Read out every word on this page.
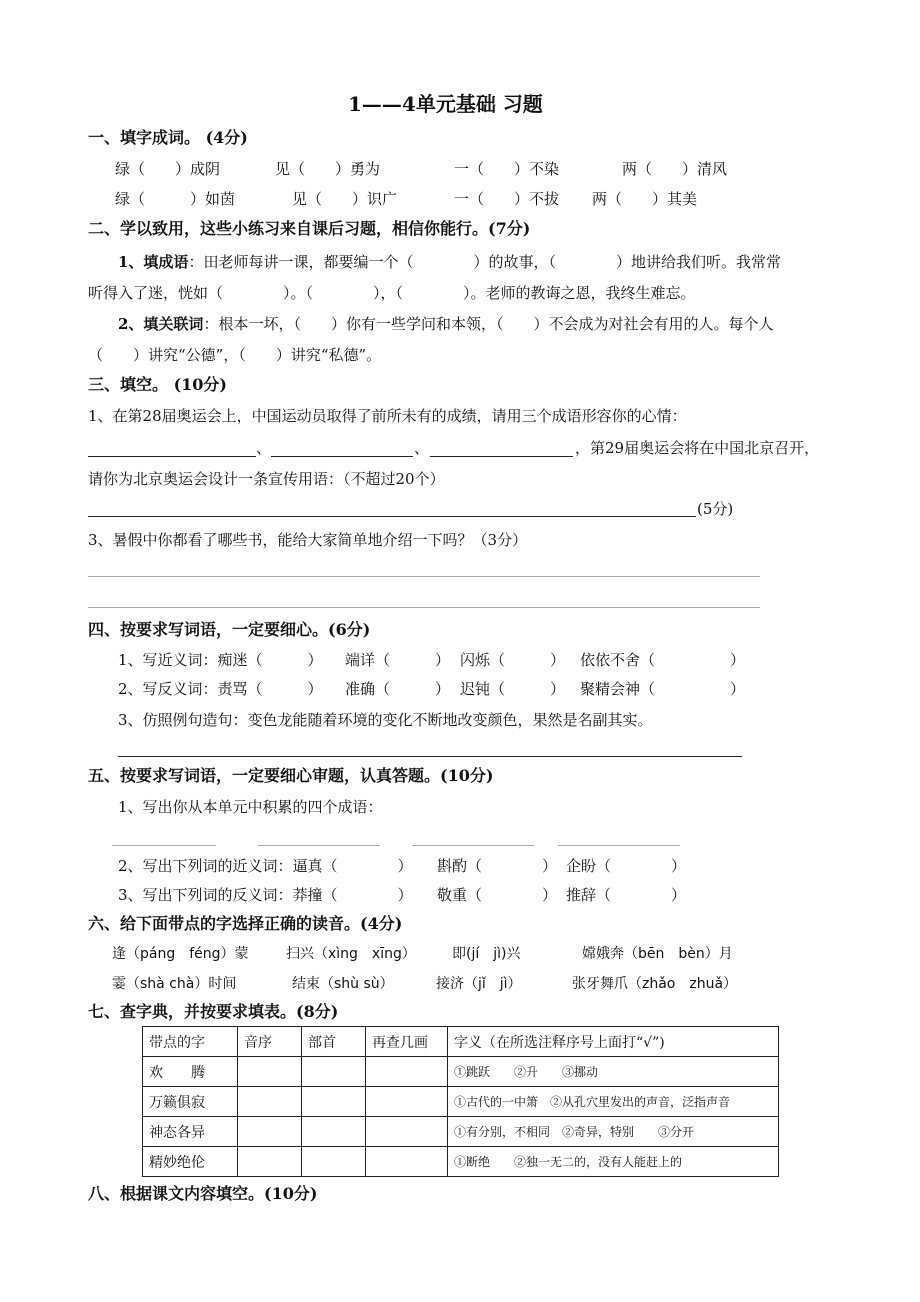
1——4单元基础 习题
一、填字成词。 (4分)
绿（　　）成阴	见（　　）勇为	一（　　）不染	两（　　）清风
绿（　　　）如茵	见（　　）识广	一（　　）不拔 两（　　）其美
二、学以致用，这些小练习来自课后习题，相信你能行。(7分)
1、填成语：田老师每讲一课，都要编一个（　　　　）的故事，（　　　　）地讲给我们听。我常常
听得入了迷，恍如（　　　　）。（　　　　），（　　　　）。老师的教诲之恩，我终生难忘。
2、填关联词：根本一坏，（　　）你有一些学问和本领，（　　）不会成为对社会有用的人。每个人
（　　）讲究“公德”，（　　）讲究“私德”。
三、填空。 (10分)
1、在第28届奥运会上，中国运动员取得了前所未有的成绩，请用三个成语形容你的心情：
、	、	，第29届奥运会将在中国北京召开，
请你为北京奥运会设计一条宣传用语：（不超过20个）
(5分)
3、暑假中你都看了哪些书，能给大家简单地介绍一下吗？（3分）
四、按要求写词语，一定要细心。(6分)
1、写近义词：痴迷（　　　） 端详（　　　） 闪烁（　　　） 依依不舍（　　　　　）
2、写反义词：责骂（　　　） 准确（　　　） 迟钝（　　　） 聚精会神（　　　　　）
3、仿照例句造句：变色龙能随着环境的变化不断地改变颜色，果然是名副其实。
五、按要求写词语，一定要细心审题，认真答题。(10分)
1、写出你从本单元中积累的四个成语：
2、写出下列词的近义词：逼真（　　　　） 斟酌（　　　　） 企盼（　　　　）
3、写出下列词的反义词：莽撞（　　　　） 敬重（　　　　） 推辞（　　　　）
六、给下面带点的字选择正确的读音。(4分)
逢（páng　féng）蒙	扫兴（xìng　xīng）	即(jí　jì)兴	嫦娥奔（bēn　bèn）月
霎（shà chà）时间	结束（shù sù）	接济（jǐ　jì）	张牙舞爪（zhǎo　zhuǎ）
七、查字典，并按要求填表。(8分)
带点的字	音序	部首	再查几画	字义（在所选注释序号上面打“√”)
欢　　腾				①跳跃　　②升　　③挪动
万籁俱寂				①古代的一中箫　②从孔穴里发出的声音，泛指声音
神态各异				①有分别，不相同　②奇异，特别　　③分开
精妙绝伦				①断绝　　②独一无二的，没有人能赶上的
八、根据课文内容填空。(10分)
